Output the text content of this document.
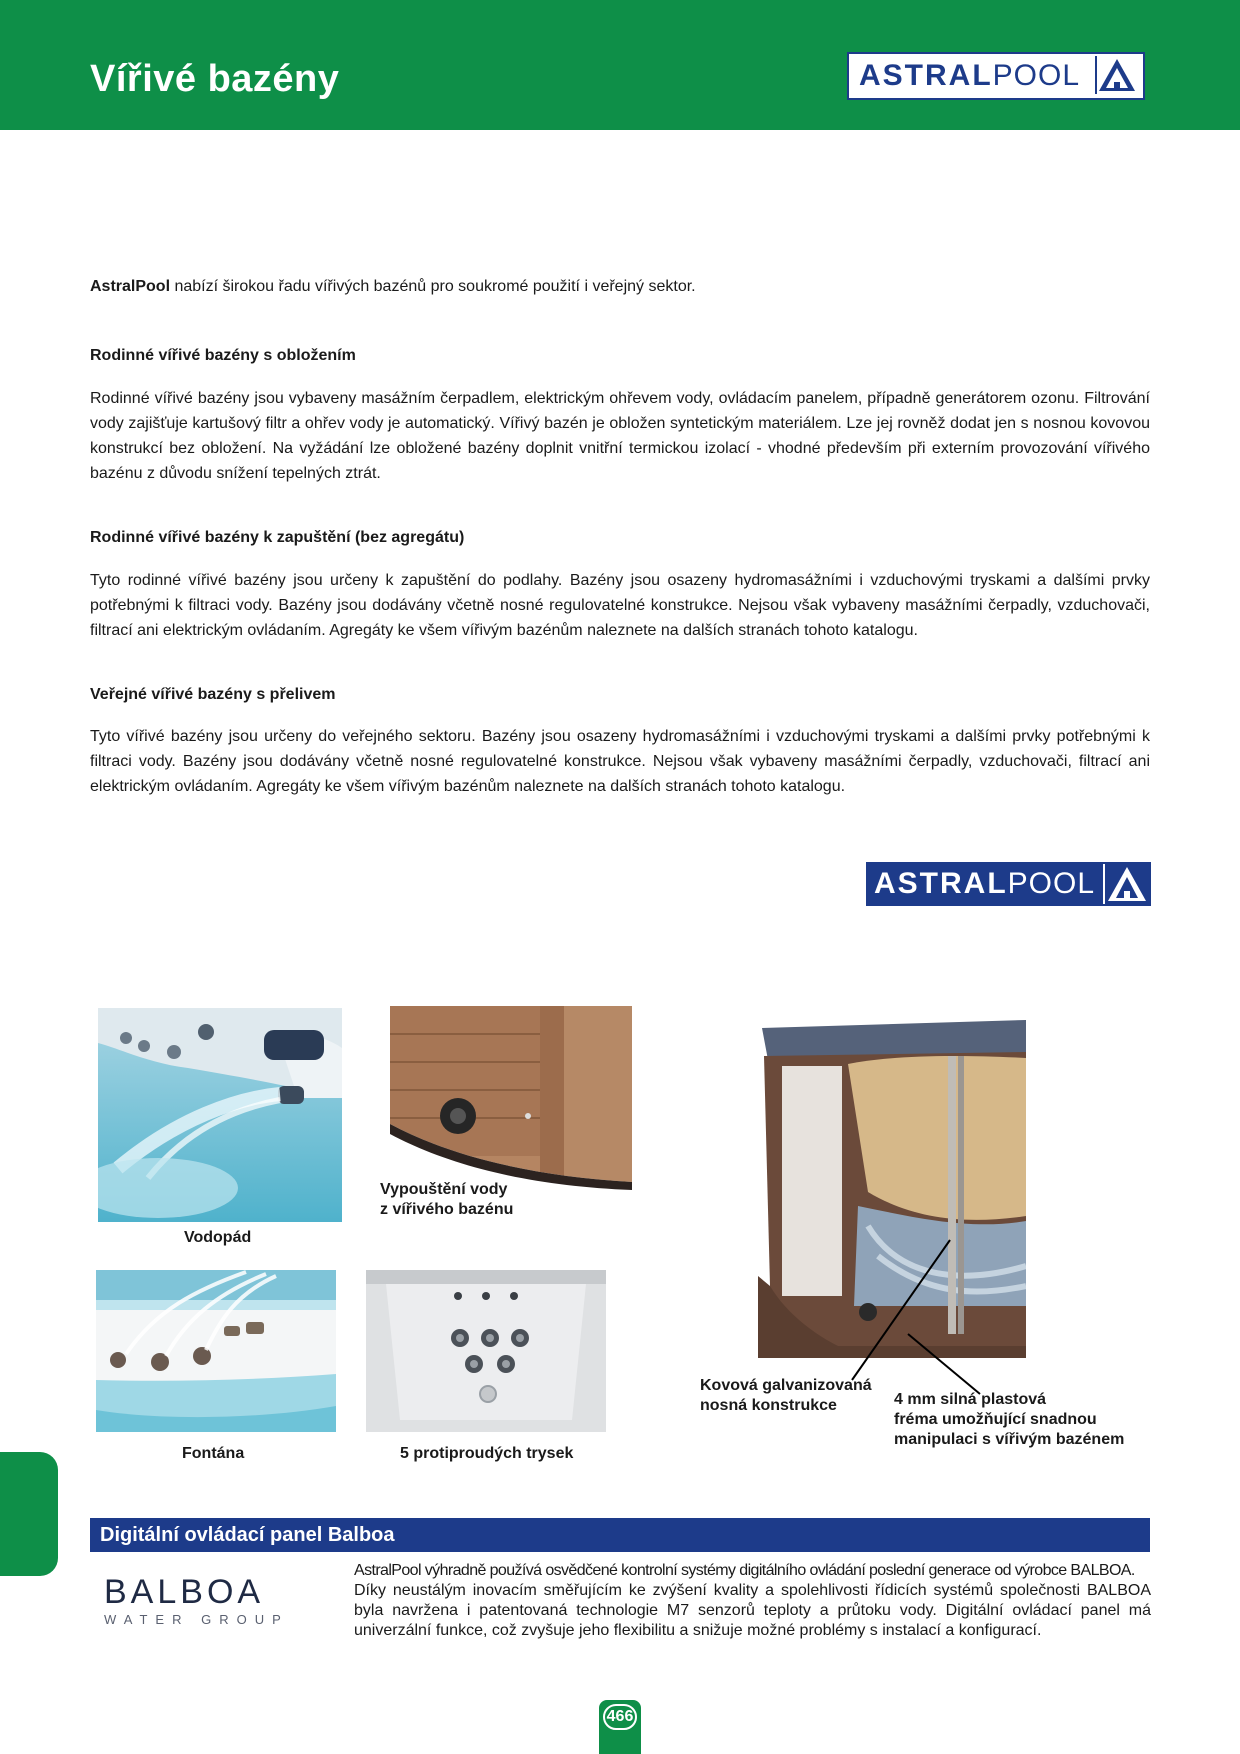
Vířivé bazény	ASTRAL POOL
AstralPool nabízí širokou řadu vířivých bazénů pro soukromé použití i veřejný sektor.
Rodinné vířivé bazény s obložením
Rodinné vířivé bazény jsou vybaveny masážním čerpadlem, elektrickým ohřevem vody, ovládacím panelem, případně generátorem ozonu. Filtrování vody zajišťuje kartušový filtr a ohřev vody je automatický. Vířivý bazén je obložen syntetickým materiálem. Lze jej rovněž dodat jen s nosnou kovovou konstrukcí bez obložení. Na vyžádání lze obložené bazény doplnit vnitřní termickou izolací - vhodné především při externím provozování vířivého bazénu z důvodu snížení tepelných ztrát.
Rodinné vířivé bazény k zapuštění (bez agregátu)
Tyto rodinné vířivé bazény jsou určeny k zapuštění do podlahy. Bazény jsou osazeny hydromasážními i vzduchovými tryskami a dalšími prvky potřebnými k filtraci vody. Bazény jsou dodávány včetně nosné regulovatelné konstrukce. Nejsou však vybaveny masážními čerpadly, vzduchovači, filtrací ani elektrickým ovládaním. Agregáty ke všem vířivým bazénům naleznete na dalších stranách tohoto katalogu.
Veřejné vířivé bazény s přelivem
Tyto vířivé bazény jsou určeny do veřejného sektoru. Bazény jsou osazeny hydromasážními i vzduchovými tryskami a dalšími prvky potřebnými k filtraci vody. Bazény jsou dodávány včetně nosné regulovatelné konstrukce. Nejsou však vybaveny masážními čerpadly, vzduchovači, filtrací ani elektrickým ovládaním. Agregáty ke všem vířivým bazénům naleznete na dalších stranách tohoto katalogu.
ASTRAL POOL
Vodopád
Vypouštění vody
z vířivého bazénu
Fontána	5 protiproudých trysek
Kovová galvanizovaná
nosná konstrukce	4 mm silná plastová
fréma umožňující snadnou
manipulaci s vířivým bazénem
Digitální ovládací panel Balboa
BALBOA
WATER GROUP
AstralPool výhradně používá osvědčené kontrolní systémy digitálního ovládání poslední generace od výrobce BALBOA.
Díky neustálým inovacím směřujícím ke zvýšení kvality a spolehlivosti řídicích systémů společnosti BALBOA byla navržena i patentovaná technologie M7 senzorů teploty a průtoku vody. Digitální ovládací panel má univerzální funkce, což zvyšuje jeho flexibilitu a snižuje možné problémy s instalací a konfigurací.
466
